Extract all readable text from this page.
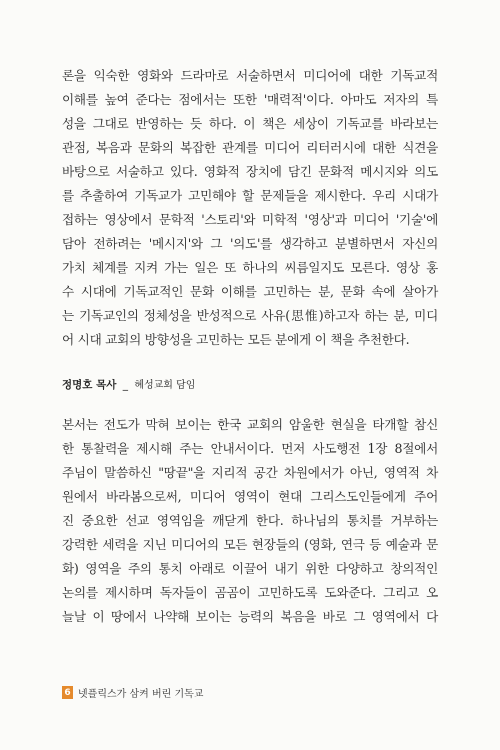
론을 익숙한 영화와 드라마로 서술하면서 미디어에 대한 기독교적
이해를 높여 준다는 점에서는 또한 '매력적'이다. 아마도 저자의 특
성을 그대로 반영하는 듯 하다. 이 책은 세상이 기독교를 바라보는
관점, 복음과 문화의 복잡한 관계를 미디어 리터러시에 대한 식견을
바탕으로 서술하고 있다. 영화적 장치에 담긴 문화적 메시지와 의도
를 추출하여 기독교가 고민해야 할 문제들을 제시한다. 우리 시대가
접하는 영상에서 문학적 '스토리'와 미학적 '영상'과 미디어 '기술'에
담아 전하려는 '메시지'와 그 '의도'를 생각하고 분별하면서 자신의
가치 체계를 지켜 가는 일은 또 하나의 씨름일지도 모른다. 영상 홍
수 시대에 기독교적인 문화 이해를 고민하는 분, 문화 속에 살아가
는 기독교인의 정체성을 반성적으로 사유(思惟)하고자 하는 분, 미디
어 시대 교회의 방향성을 고민하는 모든 분에게 이 책을 추천한다.
정명호 목사 _ 혜성교회 담임
본서는 전도가 막혀 보이는 한국 교회의 암울한 현실을 타개할 참신
한 통찰력을 제시해 주는 안내서이다. 먼저 사도행전 1장 8절에서
주님이 말씀하신 "땅끝"을 지리적 공간 차원에서가 아닌, 영역적 차
원에서 바라봄으로써, 미디어 영역이 현대 그리스도인들에게 주어
진 중요한 선교 영역임을 깨닫게 한다. 하나님의 통치를 거부하는
강력한 세력을 지닌 미디어의 모든 현장들의 (영화, 연극 등 예술과 문
화) 영역을 주의 통치 아래로 이끌어 내기 위한 다양하고 창의적인
논의를 제시하며 독자들이 곰곰이 고민하도록 도와준다. 그리고 오
늘날 이 땅에서 나약해 보이는 능력의 복음을 바로 그 영역에서 다
6 넷플릭스가 삼켜 버린 기독교
